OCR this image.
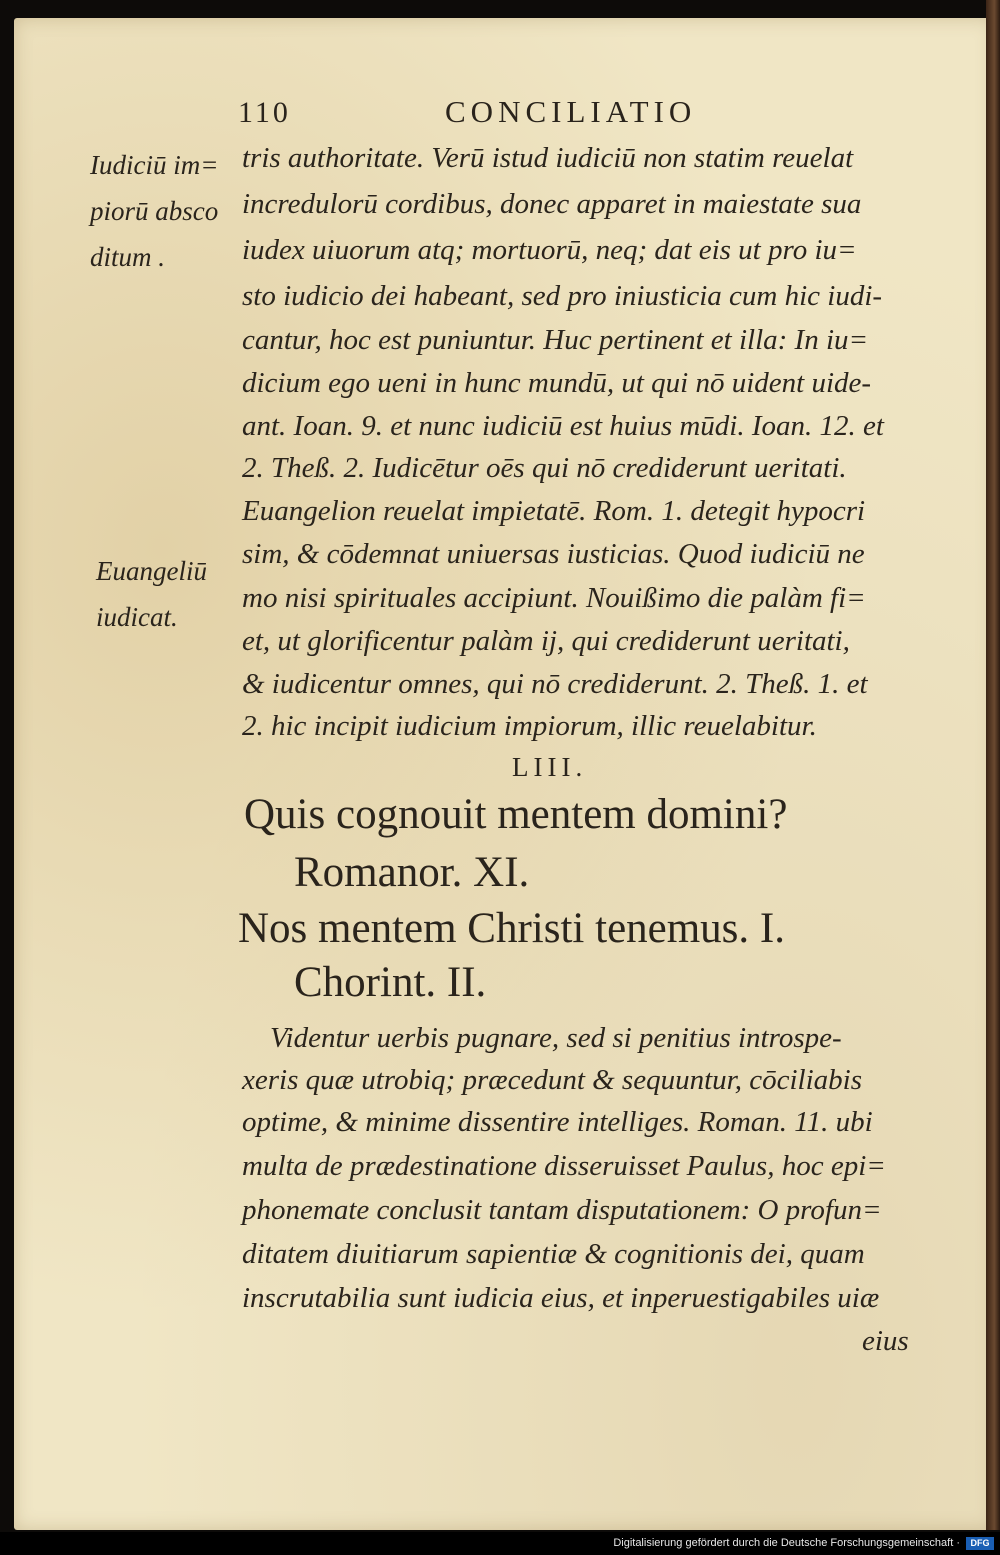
110	CONCILIATIO
Iudiciū im=
piorū absco
ditum .
Euangeliū
iudicat.
tris authoritate. Verū istud iudiciū non statim reuelat
incredulorū cordibus, donec apparet in maiestate sua
iudex uiuorum atq; mortuorū, neq; dat eis ut pro iu=
sto iudicio dei habeant, sed pro iniusticia cum hic iudi-
cantur, hoc est puniuntur. Huc pertinent et illa: In iu=
dicium ego ueni in hunc mundū, ut qui nō uident uide-
ant. Ioan. 9. et nunc iudiciū est huius mūdi. Ioan. 12. et
2. Theß. 2. Iudicētur oēs qui nō crediderunt ueritati.
Euangelion reuelat impietatē. Rom. 1. detegit hypocri
sim, & cōdemnat uniuersas iusticias. Quod iudiciū ne
mo nisi spirituales accipiunt. Nouißimo die palàm fi=
et, ut glorificentur palàm ij, qui crediderunt ueritati,
& iudicentur omnes, qui nō crediderunt. 2. Theß. 1. et
2. hic incipit iudicium impiorum, illic reuelabitur.
LIII.
Quis cognouit mentem domini?
Romanor. XI.
Nos mentem Christi tenemus. I.
Chorint. II.
Videntur uerbis pugnare, sed si penitius introspe-
xeris quæ utrobiq; præcedunt & sequuntur, cōciliabis
optime, & minime dissentire intelliges. Roman. 11. ubi
multa de prædestinatione disseruisset Paulus, hoc epi=
phonemate conclusit tantam disputationem: O profun=
ditatem diuitiarum sapientiæ & cognitionis dei, quam
inscrutabilia sunt iudicia eius, et inperuestigabiles uiæ
eius
Digitalisierung gefördert durch die Deutsche Forschungsgemeinschaft ·	DFG
